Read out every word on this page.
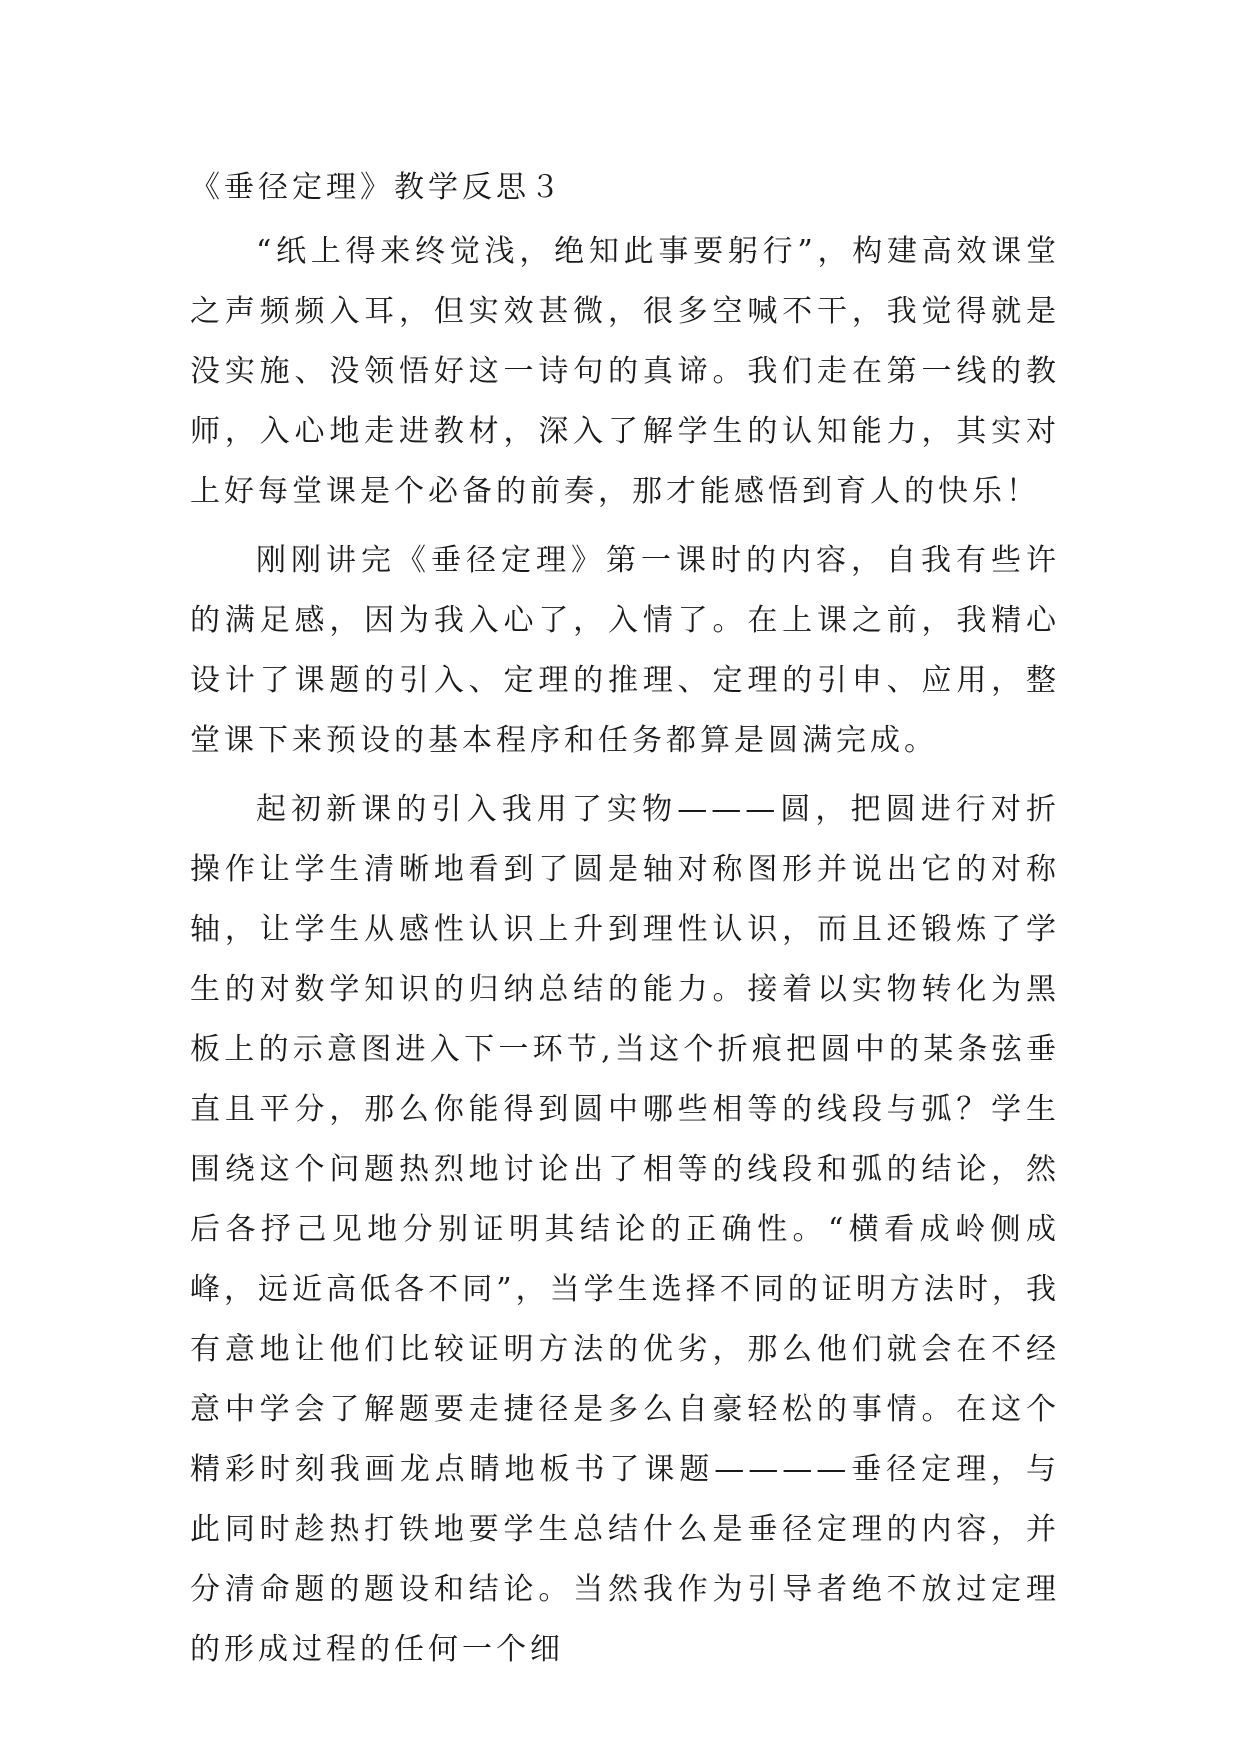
《垂径定理》教学反思３

“纸上得来终觉浅，绝知此事要躬行”，构建高效课堂之声频频入耳，但实效甚微，很多空喊不干，我觉得就是没实施、没领悟好这一诗句的真谛。我们走在第一线的教师，入心地走进教材，深入了解学生的认知能力，其实对上好每堂课是个必备的前奏，那才能感悟到育人的快乐！

刚刚讲完《垂径定理》第一课时的内容，自我有些许的满足感，因为我入心了，入情了。在上课之前，我精心设计了课题的引入、定理的推理、定理的引申、应用，整堂课下来预设的基本程序和任务都算是圆满完成。

起初新课的引入我用了实物———圆，把圆进行对折操作让学生清晰地看到了圆是轴对称图形并说出它的对称轴，让学生从感性认识上升到理性认识，而且还锻炼了学生的对数学知识的归纳总结的能力。接着以实物转化为黑板上的示意图进入下一环节,当这个折痕把圆中的某条弦垂直且平分，那么你能得到圆中哪些相等的线段与弧？学生围绕这个问题热烈地讨论出了相等的线段和弧的结论，然后各抒己见地分别证明其结论的正确性。“横看成岭侧成峰，远近高低各不同”，当学生选择不同的证明方法时，我有意地让他们比较证明方法的优劣，那么他们就会在不经意中学会了解题要走捷径是多么自豪轻松的事情。在这个精彩时刻我画龙点睛地板书了课题————垂径定理，与此同时趁热打铁地要学生总结什么是垂径定理的内容，并分清命题的题设和结论。当然我作为引导者绝不放过定理的形成过程的任何一个细
